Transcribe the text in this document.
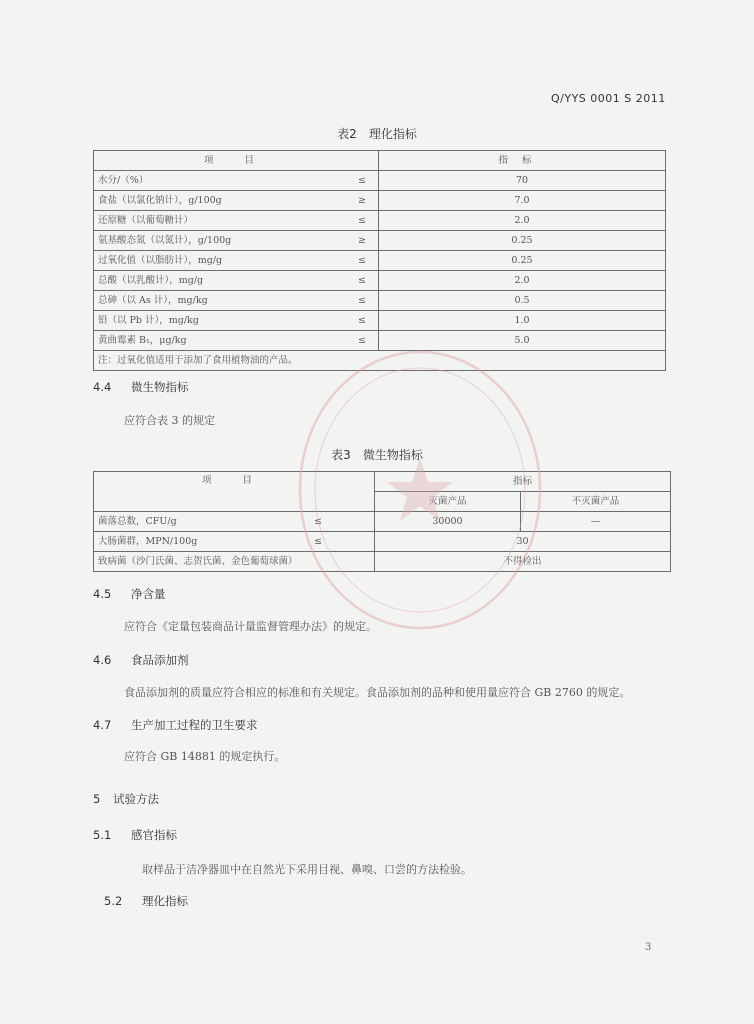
Q/YYS 0001 S 2011
表2 理化指标
项 目	指标
水分/（%） ≤	70
食盐（以氯化钠计），g/100g ≥	7.0
还原糖（以葡萄糖计） ≤	2.0
氨基酸态氮（以氮计），g/100g ≥	0.25
过氧化值（以脂肪计），mg/g ≤	0.25
总酸（以乳酸计），mg/g ≤	2.0
总砷（以 As 计），mg/kg ≤	0.5
铅（以 Pb 计），mg/kg ≤	1.0
黄曲霉素 B₁，μg/kg ≤	5.0
注：过氧化值适用于添加了食用植物油的产品。	
4.4 微生物指标
应符合表 3 的规定
表3 微生物指标
项 目	指标	
	灭菌产品	不灭菌产品
菌落总数，CFU/g ≤	30000	—
大肠菌群，MPN/100g ≤	30	
致病菌（沙门氏菌、志贺氏菌、金色葡萄球菌）	不得检出	
4.5 净含量
应符合《定量包装商品计量监督管理办法》的规定。
4.6 食品添加剂
食品添加剂的质量应符合相应的标准和有关规定。食品添加剂的品种和使用量应符合 GB 2760 的规定。
4.7 生产加工过程的卫生要求
应符合 GB 14881 的规定执行。
5 试验方法
5.1 感官指标
取样品于洁净器皿中在自然光下采用目视、鼻嗅、口尝的方法检验。
5.2 理化指标
3
